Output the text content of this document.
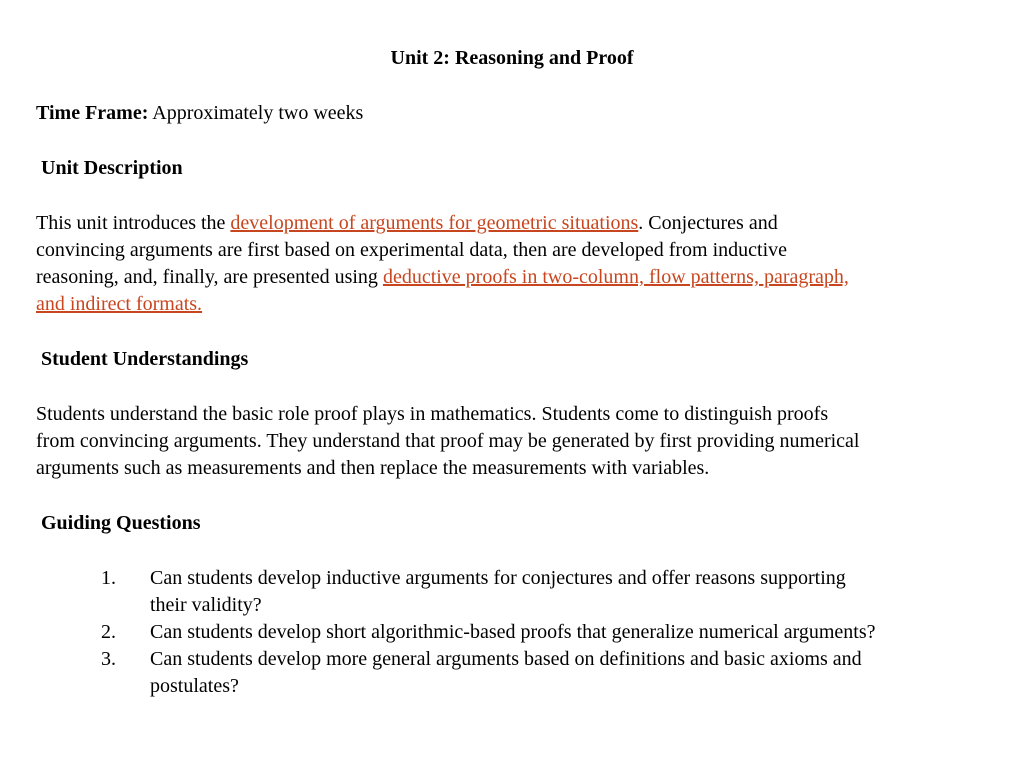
Unit 2: Reasoning and Proof
Time Frame: Approximately two weeks
Unit Description
This unit introduces the development of arguments for geometric situations. Conjectures and
convincing arguments are first based on experimental data, then are developed from inductive
reasoning, and, finally, are presented using deductive proofs in two-column, flow patterns, paragraph,
and indirect formats.
Student Understandings
Students understand the basic role proof plays in mathematics. Students come to distinguish proofs
from convincing arguments. They understand that proof may be generated by first providing numerical
arguments such as measurements and then replace the measurements with variables.
Guiding Questions
1. Can students develop inductive arguments for conjectures and offer reasons supporting
their validity?
2. Can students develop short algorithmic-based proofs that generalize numerical arguments?
3. Can students develop more general arguments based on definitions and basic axioms and
postulates?
